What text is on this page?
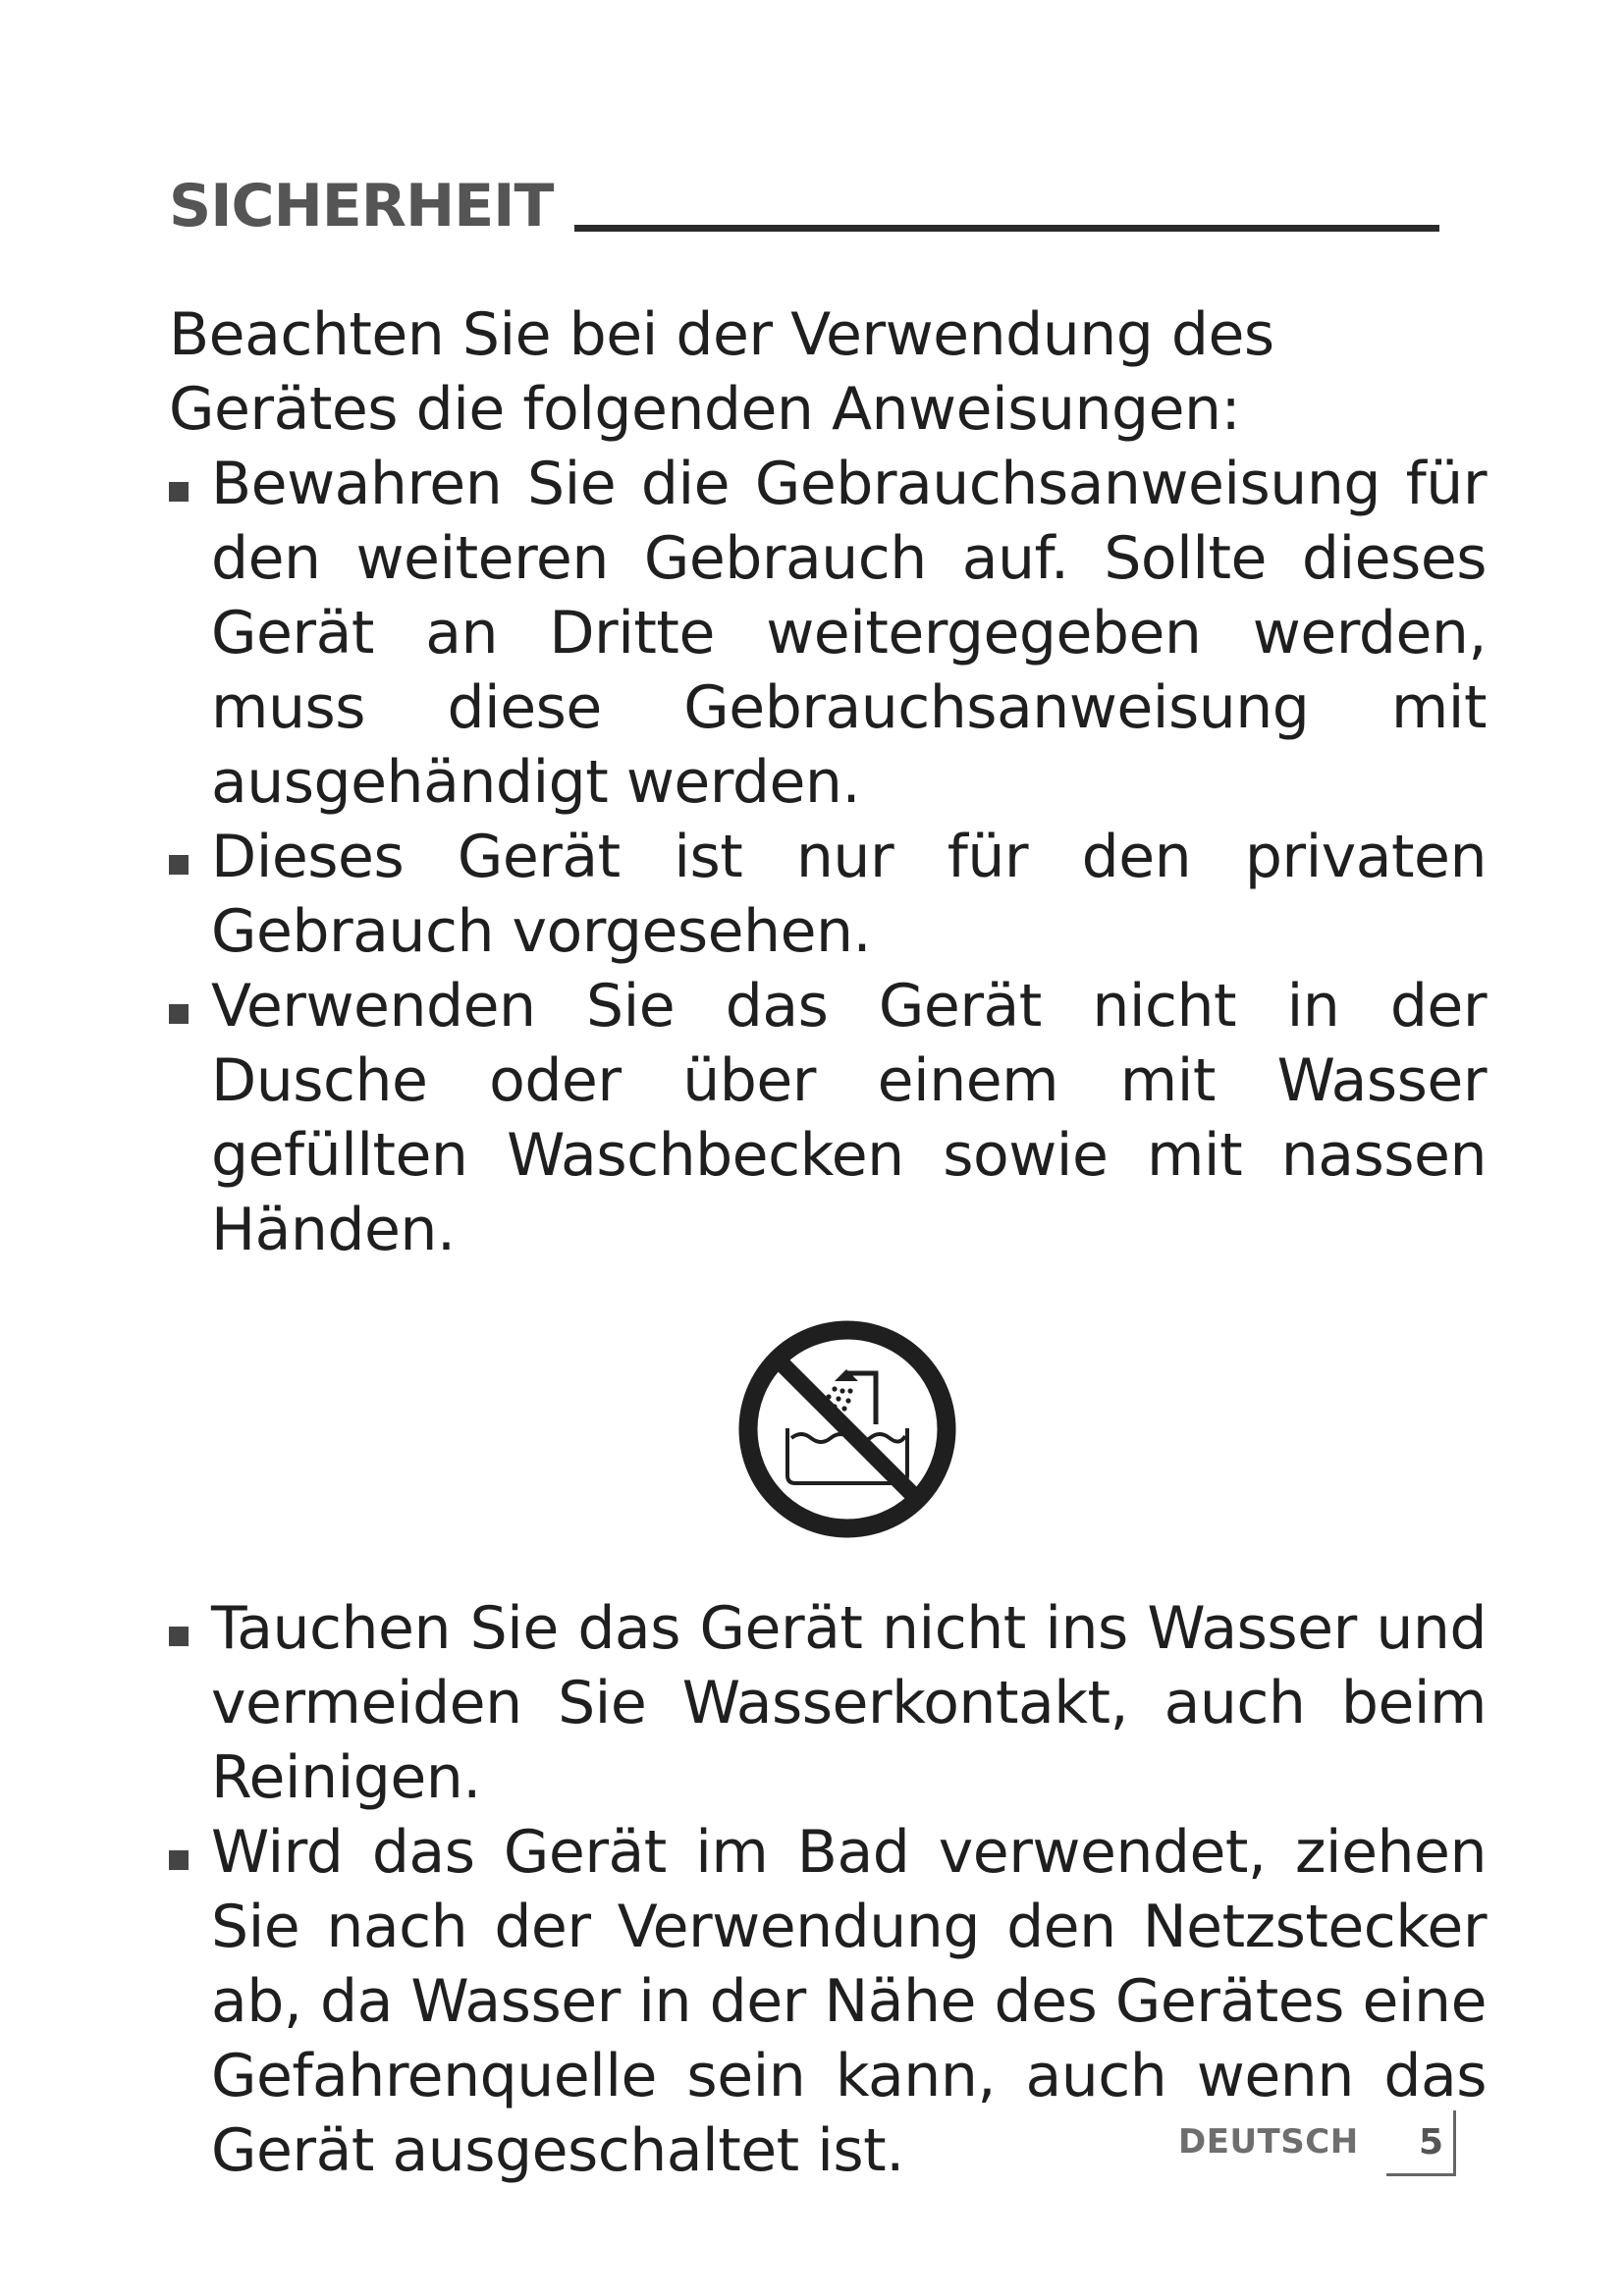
SICHERHEIT

Beachten Sie bei der Verwendung des Gerätes die folgenden Anweisungen:

Bewahren Sie die Gebrauchsanweisung für den weiteren Gebrauch auf. Sollte dieses Gerät an Dritte weitergegeben werden, muss diese Gebrauchsanweisung mit ausgehändigt werden.
Dieses Gerät ist nur für den privaten Gebrauch vorgesehen.
Verwenden Sie das Gerät nicht in der Dusche oder über einem mit Wasser gefüllten Waschbecken sowie mit nassen Händen.
Tauchen Sie das Gerät nicht ins Wasser und vermeiden Sie Wasserkontakt, auch beim Reinigen.
Wird das Gerät im Bad verwendet, ziehen Sie nach der Verwendung den Netzstecker ab, da Wasser in der Nähe des Gerätes eine Gefahrenquelle sein kann, auch wenn das Gerät ausgeschaltet ist.	DEUTSCH 5
